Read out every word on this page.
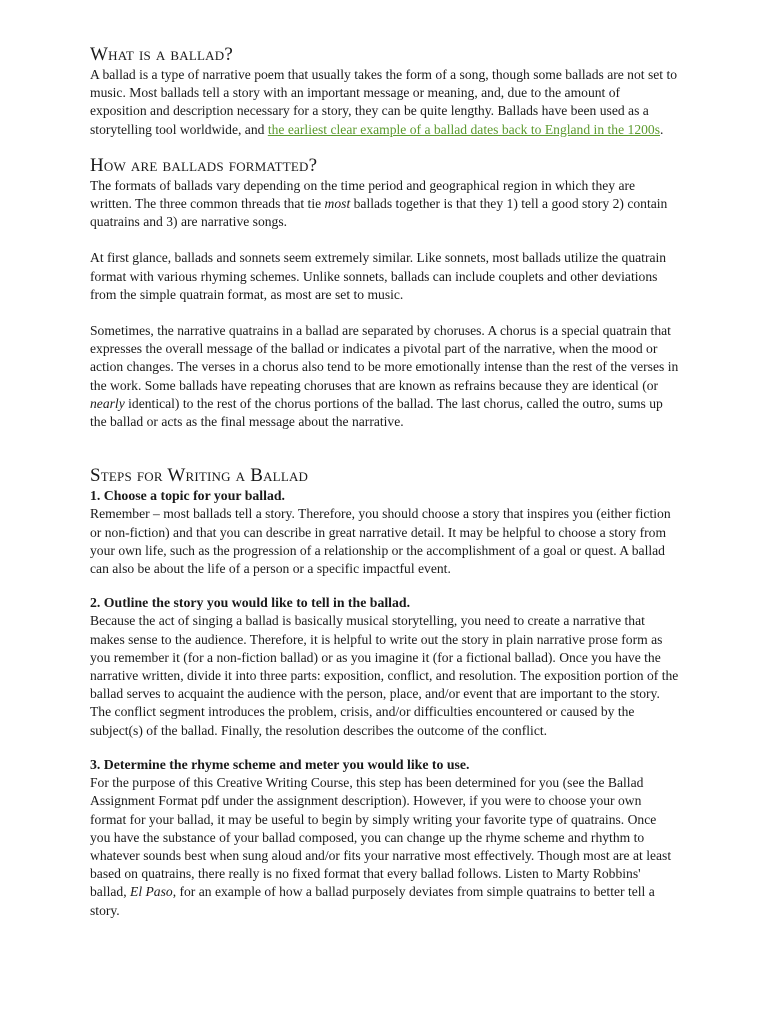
What is a ballad?

A ballad is a type of narrative poem that usually takes the form of a song, though some ballads are not set to music. Most ballads tell a story with an important message or meaning, and, due to the amount of exposition and description necessary for a story, they can be quite lengthy. Ballads have been used as a storytelling tool worldwide, and the earliest clear example of a ballad dates back to England in the 1200s.

How are ballads formatted?

The formats of ballads vary depending on the time period and geographical region in which they are written. The three common threads that tie most ballads together is that they 1) tell a good story 2) contain quatrains and 3) are narrative songs.

At first glance, ballads and sonnets seem extremely similar. Like sonnets, most ballads utilize the quatrain format with various rhyming schemes. Unlike sonnets, ballads can include couplets and other deviations from the simple quatrain format, as most are set to music.

Sometimes, the narrative quatrains in a ballad are separated by choruses. A chorus is a special quatrain that expresses the overall message of the ballad or indicates a pivotal part of the narrative, when the mood or action changes. The verses in a chorus also tend to be more emotionally intense than the rest of the verses in the work. Some ballads have repeating choruses that are known as refrains because they are identical (or nearly identical) to the rest of the chorus portions of the ballad. The last chorus, called the outro, sums up the ballad or acts as the final message about the narrative.

Steps for Writing a Ballad
1. Choose a topic for your ballad.

Remember – most ballads tell a story. Therefore, you should choose a story that inspires you (either fiction or non-fiction) and that you can describe in great narrative detail. It may be helpful to choose a story from your own life, such as the progression of a relationship or the accomplishment of a goal or quest. A ballad can also be about the life of a person or a specific impactful event.

2. Outline the story you would like to tell in the ballad.

Because the act of singing a ballad is basically musical storytelling, you need to create a narrative that makes sense to the audience. Therefore, it is helpful to write out the story in plain narrative prose form as you remember it (for a non-fiction ballad) or as you imagine it (for a fictional ballad). Once you have the narrative written, divide it into three parts: exposition, conflict, and resolution. The exposition portion of the ballad serves to acquaint the audience with the person, place, and/or event that are important to the story. The conflict segment introduces the problem, crisis, and/or difficulties encountered or caused by the subject(s) of the ballad. Finally, the resolution describes the outcome of the conflict.

3. Determine the rhyme scheme and meter you would like to use.

For the purpose of this Creative Writing Course, this step has been determined for you (see the Ballad Assignment Format pdf under the assignment description). However, if you were to choose your own format for your ballad, it may be useful to begin by simply writing your favorite type of quatrains. Once you have the substance of your ballad composed, you can change up the rhyme scheme and rhythm to whatever sounds best when sung aloud and/or fits your narrative most effectively. Though most are at least based on quatrains, there really is no fixed format that every ballad follows. Listen to Marty Robbins' ballad, El Paso, for an example of how a ballad purposely deviates from simple quatrains to better tell a story.
